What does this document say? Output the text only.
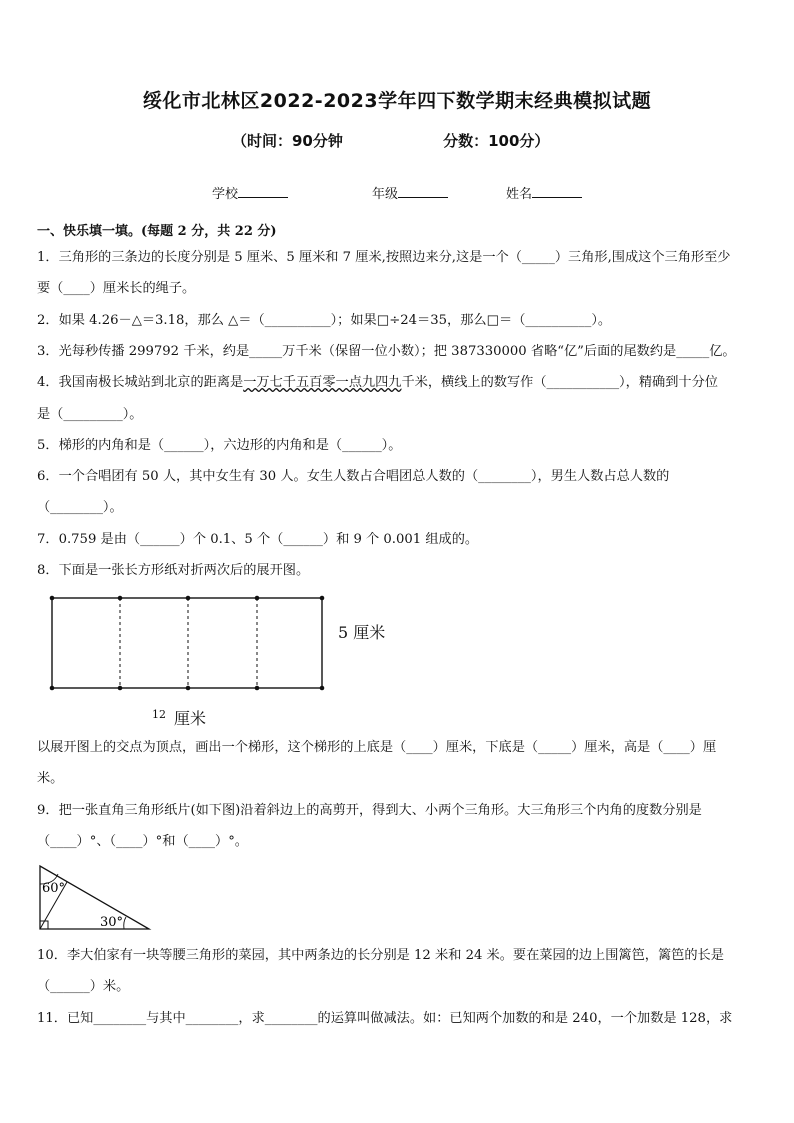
绥化市北林区2022-2023学年四下数学期末经典模拟试题
（时间：90分钟	分数：100分）
学校	年级	姓名
一、快乐填一填。(每题 2 分，共 22 分)
1．三角形的三条边的长度分别是 5 厘米、5 厘米和 7 厘米,按照边来分,这是一个（_____）三角形,围成这个三角形至少
要（____）厘米长的绳子。
2．如果 4.26－△＝3.18，那么 △＝（__________）；如果□÷24＝35，那么□＝（__________）。
3．光每秒传播 299792 千米，约是_____万千米（保留一位小数）；把 387330000 省略“亿”后面的尾数约是_____亿。
4．我国南极长城站到北京的距离是一万七千五百零一点九四九千米，横线上的数写作（___________），精确到十分位
是（_________）。
5．梯形的内角和是（______），六边形的内角和是（______）。
6．一个合唱团有 50 人，其中女生有 30 人。女生人数占合唱团总人数的（________），男生人数占总人数的
（________）。
7．0.759 是由（______）个 0.1、5 个（______）和 9 个 0.001 组成的。
8．下面是一张长方形纸对折两次后的展开图。
5 厘米
$^{12}$ 厘米
以展开图上的交点为顶点，画出一个梯形，这个梯形的上底是（____）厘米，下底是（_____）厘米，高是（____）厘
米。
9．把一张直角三角形纸片(如下图)沿着斜边上的高剪开，得到大、小两个三角形。大三角形三个内角的度数分别是
（____）°、（____）°和（____）°。
60°
30°
10．李大伯家有一块等腰三角形的菜园，其中两条边的长分别是 12 米和 24 米。要在菜园的边上围篱笆，篱笆的长是
（______）米。
11．已知________与其中________，求________的运算叫做减法。如：已知两个加数的和是 240，一个加数是 128，求
